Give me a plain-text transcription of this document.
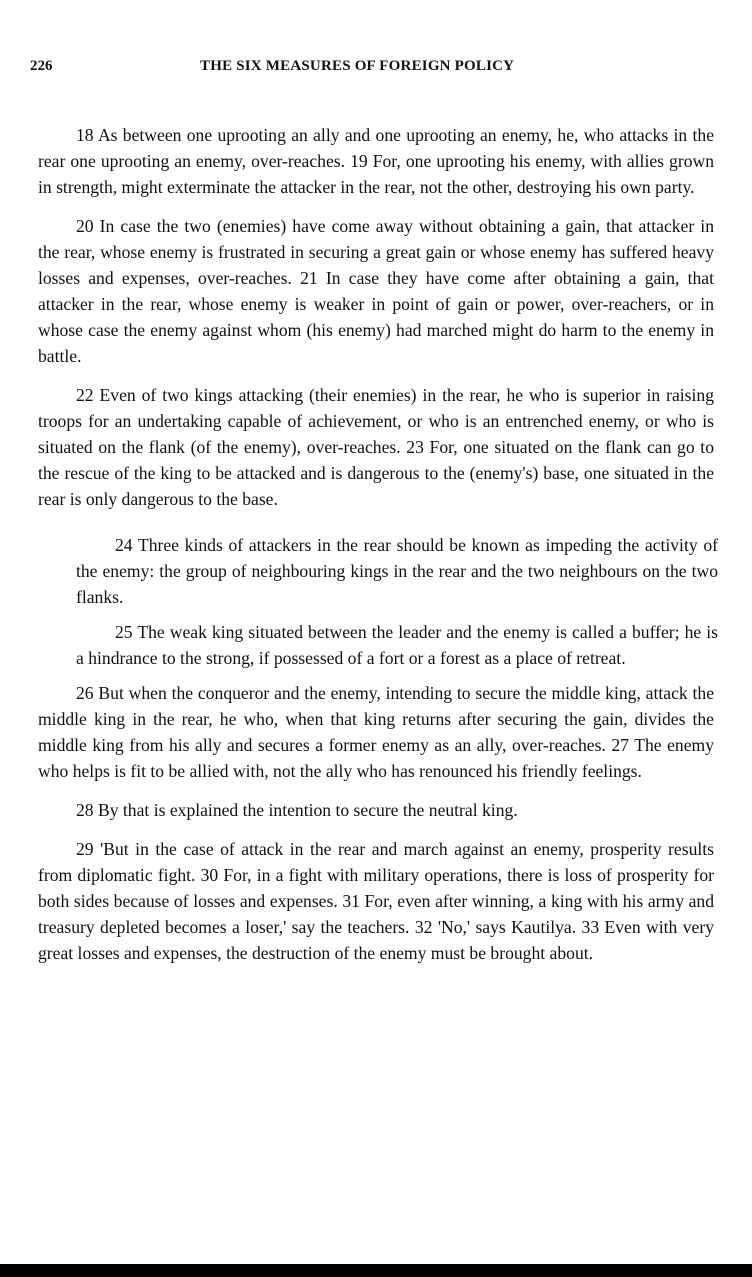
226	THE SIX MEASURES OF FOREIGN POLICY

18 As between one uprooting an ally and one uprooting an enemy, he, who attacks in the rear one uprooting an enemy, over-reaches. 19 For, one uprooting his enemy, with allies grown in strength, might exterminate the attacker in the rear, not the other, destroying his own party.

20 In case the two (enemies) have come away without obtaining a gain, that attacker in the rear, whose enemy is frustrated in securing a great gain or whose enemy has suffered heavy losses and expenses, over-reaches. 21 In case they have come after obtaining a gain, that attacker in the rear, whose enemy is weaker in point of gain or power, over-reachers, or in whose case the enemy against whom (his enemy) had marched might do harm to the enemy in battle.

22 Even of two kings attacking (their enemies) in the rear, he who is superior in raising troops for an undertaking capable of achievement, or who is an entrenched enemy, or who is situated on the flank (of the enemy), over-reaches. 23 For, one situated on the flank can go to the rescue of the king to be attacked and is dangerous to the (enemy's) base, one situated in the rear is only dangerous to the base.

24 Three kinds of attackers in the rear should be known as impeding the activity of the enemy: the group of neighbouring kings in the rear and the two neighbours on the two flanks.

25 The weak king situated between the leader and the enemy is called a buffer; he is a hindrance to the strong, if possessed of a fort or a forest as a place of retreat.

26 But when the conqueror and the enemy, intending to secure the middle king, attack the middle king in the rear, he who, when that king returns after securing the gain, divides the middle king from his ally and secures a former enemy as an ally, over-reaches. 27 The enemy who helps is fit to be allied with, not the ally who has renounced his friendly feelings.

28 By that is explained the intention to secure the neutral king.

29 'But in the case of attack in the rear and march against an enemy, prosperity results from diplomatic fight. 30 For, in a fight with military operations, there is loss of prosperity for both sides because of losses and expenses. 31 For, even after winning, a king with his army and treasury depleted becomes a loser,' say the teachers. 32 'No,' says Kautilya. 33 Even with very great losses and expenses, the destruction of the enemy must be brought about.
